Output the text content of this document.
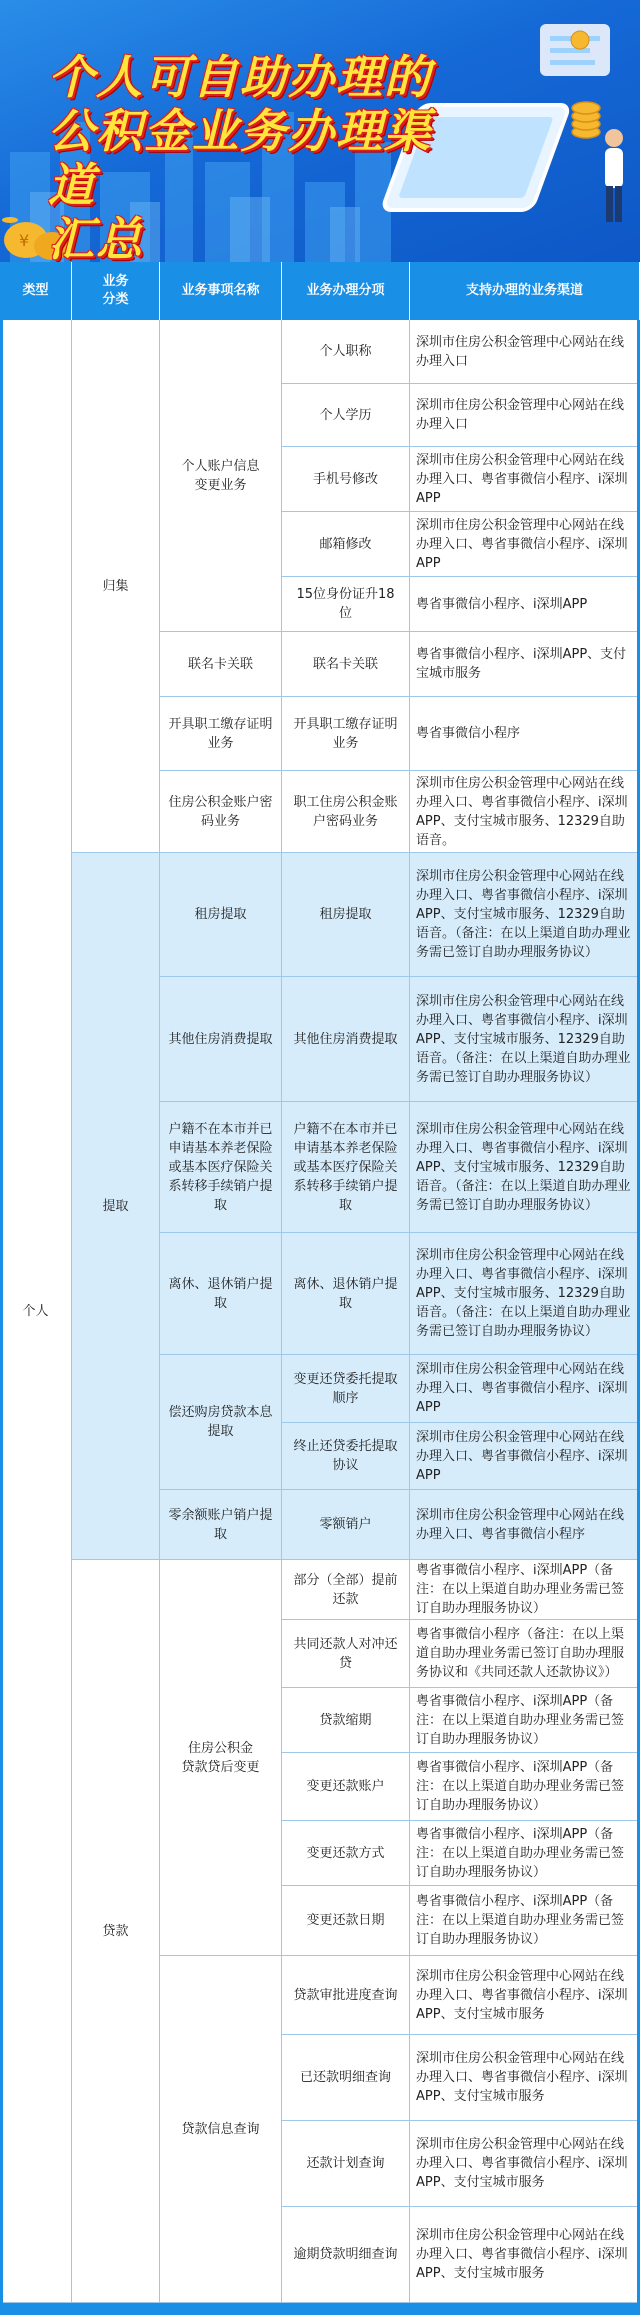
¥
个人可自助办理的
公积金业务办理渠道
汇总
类型
业务
分类
业务事项名称	业务办理分项	支持办理的业务渠道
个人
归集
提取
贷款
个人账户信息
变更业务
联名卡关联
开具职工缴存证明业务
住房公积金账户密码业务
租房提取
其他住房消费提取
户籍不在本市并已申请基本养老保险或基本医疗保险关系转移手续销户提取
离休、退休销户提取
偿还购房贷款本息提取
零余额账户销户提取
住房公积金
贷款贷后变更
贷款信息查询
个人职称
深圳市住房公积金管理中心网站在线办理入口
个人学历
深圳市住房公积金管理中心网站在线办理入口
手机号修改
深圳市住房公积金管理中心网站在线办理入口、粤省事微信小程序、i深圳APP
邮箱修改
深圳市住房公积金管理中心网站在线办理入口、粤省事微信小程序、i深圳APP
15位身份证升18位
粤省事微信小程序、i深圳APP
联名卡关联
粤省事微信小程序、i深圳APP、支付宝城市服务
开具职工缴存证明业务
粤省事微信小程序
职工住房公积金账户密码业务
深圳市住房公积金管理中心网站在线办理入口、粤省事微信小程序、i深圳APP、支付宝城市服务、12329自助语音。
租房提取
深圳市住房公积金管理中心网站在线办理入口、粤省事微信小程序、i深圳APP、支付宝城市服务、12329自助语音。（备注：在以上渠道自助办理业务需已签订自助办理服务协议）
其他住房消费提取
深圳市住房公积金管理中心网站在线办理入口、粤省事微信小程序、i深圳APP、支付宝城市服务、12329自助语音。（备注：在以上渠道自助办理业务需已签订自助办理服务协议）
户籍不在本市并已申请基本养老保险或基本医疗保险关系转移手续销户提取
深圳市住房公积金管理中心网站在线办理入口、粤省事微信小程序、i深圳APP、支付宝城市服务、12329自助语音。（备注：在以上渠道自助办理业务需已签订自助办理服务协议）
离休、退休销户提取
深圳市住房公积金管理中心网站在线办理入口、粤省事微信小程序、i深圳APP、支付宝城市服务、12329自助语音。（备注：在以上渠道自助办理业务需已签订自助办理服务协议）
变更还贷委托提取顺序
深圳市住房公积金管理中心网站在线办理入口、粤省事微信小程序、i深圳APP
终止还贷委托提取协议
深圳市住房公积金管理中心网站在线办理入口、粤省事微信小程序、i深圳APP
零额销户
深圳市住房公积金管理中心网站在线办理入口、粤省事微信小程序
部分（全部）提前还款
粤省事微信小程序、i深圳APP（备注：在以上渠道自助办理业务需已签订自助办理服务协议）
共同还款人对冲还贷
粤省事微信小程序（备注：在以上渠道自助办理业务需已签订自助办理服务协议和《共同还款人还款协议》）
贷款缩期
粤省事微信小程序、i深圳APP（备注：在以上渠道自助办理业务需已签订自助办理服务协议）
变更还款账户
粤省事微信小程序、i深圳APP（备注：在以上渠道自助办理业务需已签订自助办理服务协议）
变更还款方式
粤省事微信小程序、i深圳APP（备注：在以上渠道自助办理业务需已签订自助办理服务协议）
变更还款日期
粤省事微信小程序、i深圳APP（备注：在以上渠道自助办理业务需已签订自助办理服务协议）
贷款审批进度查询
深圳市住房公积金管理中心网站在线办理入口、粤省事微信小程序、i深圳APP、支付宝城市服务
已还款明细查询
深圳市住房公积金管理中心网站在线办理入口、粤省事微信小程序、i深圳APP、支付宝城市服务
还款计划查询
深圳市住房公积金管理中心网站在线办理入口、粤省事微信小程序、i深圳APP、支付宝城市服务
逾期贷款明细查询
深圳市住房公积金管理中心网站在线办理入口、粤省事微信小程序、i深圳APP、支付宝城市服务
